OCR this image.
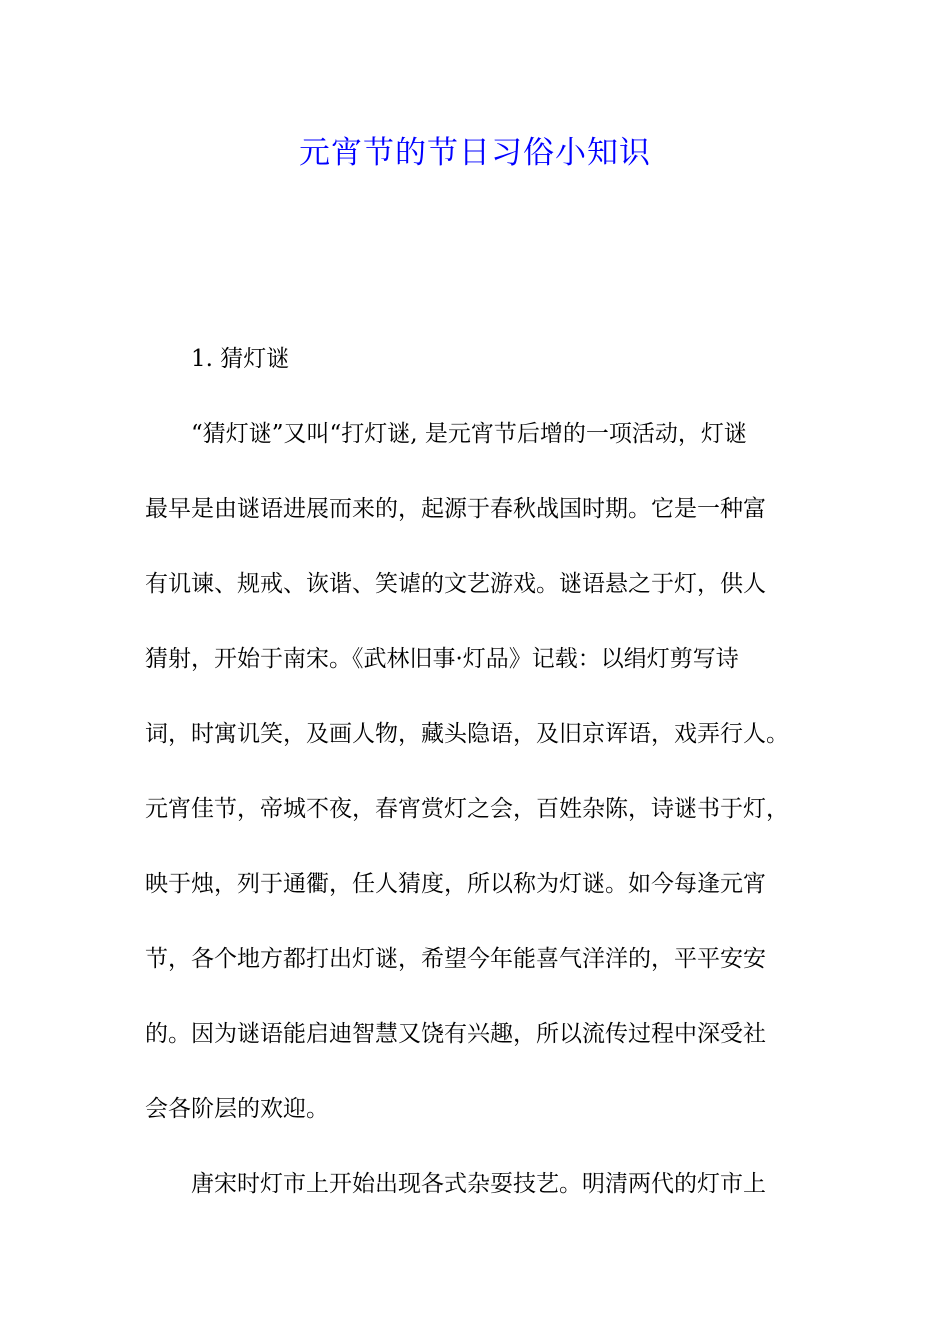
元宵节的节日习俗小知识
1. 猜灯谜
“猜灯谜”又叫“打灯谜, 是元宵节后增的一项活动，灯谜
最早是由谜语进展而来的，起源于春秋战国时期。它是一种富
有讥谏、规戒、诙谐、笑谑的文艺游戏。谜语悬之于灯，供人
猜射，开始于南宋。《武林旧事·灯品》记载：以绢灯剪写诗
词，时寓讥笑，及画人物，藏头隐语，及旧京诨语，戏弄行人。
元宵佳节，帝城不夜，春宵赏灯之会，百姓杂陈，诗谜书于灯，
映于烛，列于通衢，任人猜度，所以称为灯谜。如今每逢元宵
节，各个地方都打出灯谜，希望今年能喜气洋洋的，平平安安
的。因为谜语能启迪智慧又饶有兴趣，所以流传过程中深受社
会各阶层的欢迎。
唐宋时灯市上开始出现各式杂耍技艺。明清两代的灯市上
